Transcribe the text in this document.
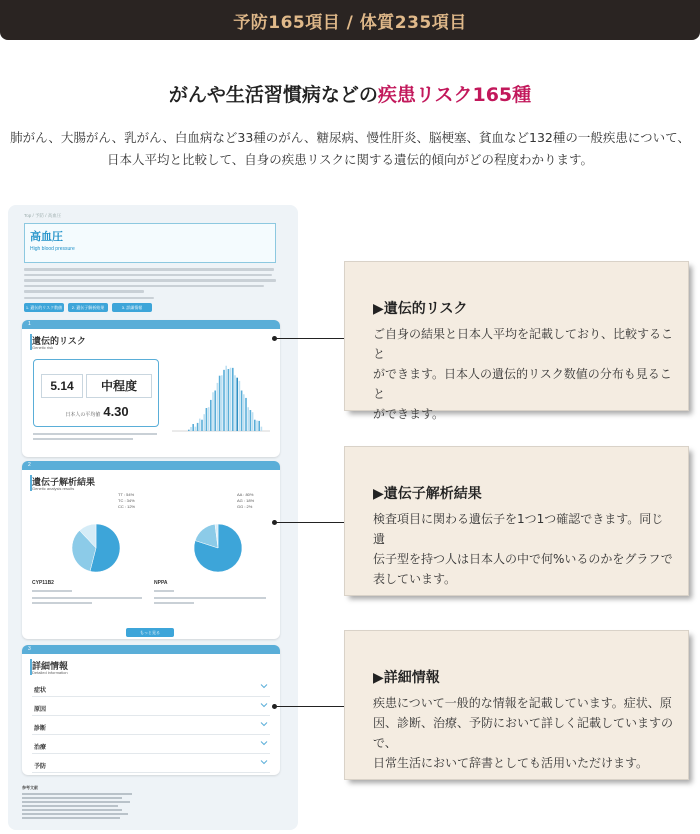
予防165項目 / 体質235項目
がんや生活習慣病などの疾患リスク165種
肺がん、大腸がん、乳がん、白血病など33種のがん、糖尿病、慢性肝炎、脳梗塞、貧血など132種の一般疾患について、
日本人平均と比較して、自身の疾患リスクに関する遺伝的傾向がどの程度わかります。
Top / 予防 / 高血圧
高血圧
High blood pressure
1. 遺伝的リスク数値	2. 遺伝子解析結果	3. 詳細情報
1
遺伝的リスク
Genetic risk
5.14	中程度
日本人の平均値 4.30
2
遺伝子解析結果
Genetic analysis results
TT : 54%
TC : 34%
CC : 12%
AA : 80%
AG : 18%
GG : 2%
CYP11B2	NPPA
もっと見る
3
詳細情報
Detailed information
症状
原因
診断
治療
予防
参考文献
▶遺伝的リスク
ご自身の結果と日本人平均を記載しており、比較すること
ができます。日本人の遺伝的リスク数値の分布も見ること
ができます。
▶遺伝子解析結果
検査項目に関わる遺伝子を1つ1つ確認できます。同じ遺
伝子型を持つ人は日本人の中で何%いるのかをグラフで
表しています。
▶詳細情報
疾患について一般的な情報を記載しています。症状、原
因、診断、治療、予防において詳しく記載していますので、
日常生活において辞書としても活用いただけます。
